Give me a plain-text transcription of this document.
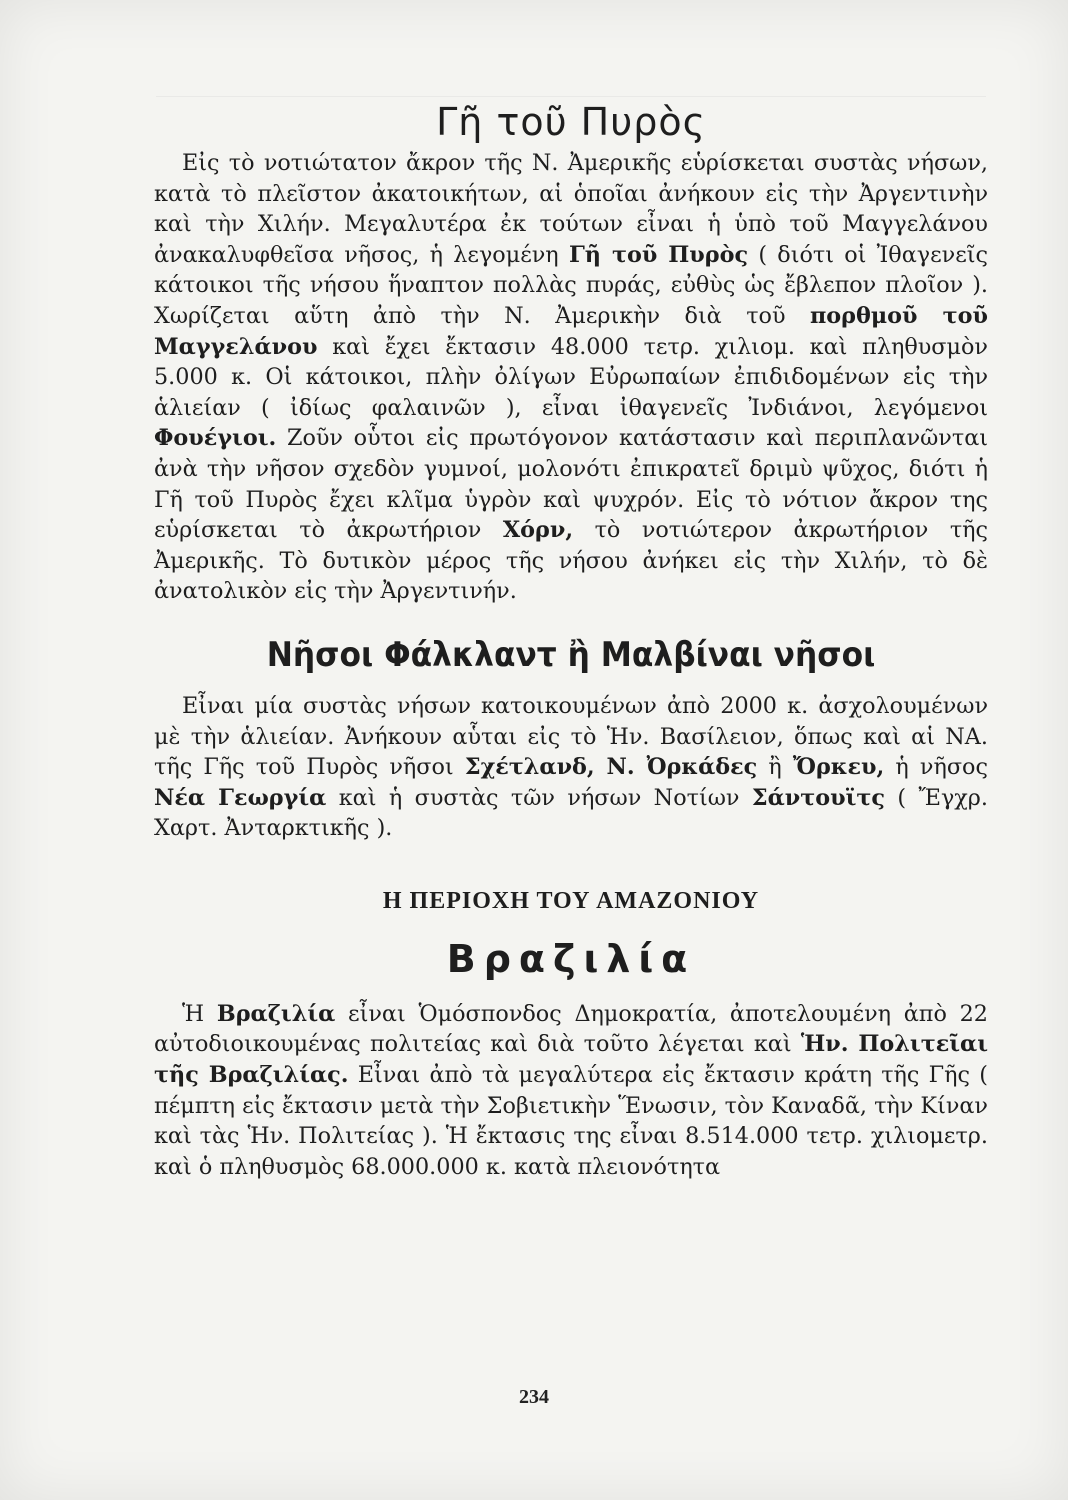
Γῆ τοῦ Πυρὸς

Εἰς τὸ νοτιώτατον ἄκρον τῆς Ν. Ἀμερικῆς εὑρίσκεται συστὰς νήσων, κατὰ τὸ πλεῖστον ἀκατοικήτων, αἱ ὁποῖαι ἀνήκουν εἰς τὴν Ἀργεντινὴν καὶ τὴν Χιλήν. Μεγαλυτέρα ἐκ τούτων εἶναι ἡ ὑπὸ τοῦ Μαγγελάνου ἀνακαλυφθεῖσα νῆσος, ἡ λεγομένη Γῆ τοῦ Πυρὸς ( διότι οἱ Ἰθαγενεῖς κάτοικοι τῆς νήσου ἥναπτον πολλὰς πυράς, εὐθὺς ὡς ἔβλεπον πλοῖον ). Χωρίζεται αὕτη ἀπὸ τὴν Ν. Ἀμερικὴν διὰ τοῦ πορθμοῦ τοῦ Μαγγελάνου καὶ ἔχει ἔκτασιν 48.000 τετρ. χιλιομ. καὶ πληθυσμὸν 5.000 κ. Οἱ κάτοικοι, πλὴν ὀλίγων Εὐρωπαίων ἐπιδιδομένων εἰς τὴν ἁλιείαν ( ἰδίως φαλαινῶν ), εἶναι ἰθαγενεῖς Ἰνδιάνοι, λεγόμενοι Φουέγιοι. Ζοῦν οὗτοι εἰς πρωτόγονον κατάστασιν καὶ περιπλανῶνται ἀνὰ τὴν νῆσον σχεδὸν γυμνοί, μολονότι ἐπικρατεῖ δριμὺ ψῦχος, διότι ἡ Γῆ τοῦ Πυρὸς ἔχει κλῖμα ὑγρὸν καὶ ψυχρόν. Εἰς τὸ νότιον ἄκρον της εὑρίσκεται τὸ ἀκρωτήριον Χόρν, τὸ νοτιώτερον ἀκρωτήριον τῆς Ἀμερικῆς. Τὸ δυτικὸν μέρος τῆς νήσου ἀνήκει εἰς τὴν Χιλήν, τὸ δὲ ἀνατολικὸν εἰς τὴν Ἀργεντινήν.

Νῆσοι Φάλκλαντ ἢ Μαλβίναι νῆσοι

Εἶναι μία συστὰς νήσων κατοικουμένων ἀπὸ 2000 κ. ἀσχολουμένων μὲ τὴν ἁλιείαν. Ἀνήκουν αὗται εἰς τὸ Ἡν. Βασίλειον, ὅπως καὶ αἱ ΝΑ. τῆς Γῆς τοῦ Πυρὸς νῆσοι Σχέτλανδ, Ν. Ὀρκάδες ἢ Ὄρκευ, ἡ νῆσος Νέα Γεωργία καὶ ἡ συστὰς τῶν νήσων Νοτίων Σάντουϊτς ( Ἔγχρ. Χαρτ. Ἀνταρκτικῆς ).

Η ΠΕΡΙΟΧΗ ΤΟΥ ΑΜΑΖΟΝΙΟΥ
Βραζιλία

Ἡ Βραζιλία εἶναι Ὁμόσπονδος Δημοκρατία, ἀποτελουμένη ἀπὸ 22 αὐτοδιοικουμένας πολιτείας καὶ διὰ τοῦτο λέγεται καὶ Ἡν. Πολιτεῖαι τῆς Βραζιλίας. Εἶναι ἀπὸ τὰ μεγαλύτερα εἰς ἔκτασιν κράτη τῆς Γῆς ( πέμπτη εἰς ἔκτασιν μετὰ τὴν Σοβιετικὴν Ἕνωσιν, τὸν Καναδᾶ, τὴν Κίναν καὶ τὰς Ἡν. Πολιτείας ). Ἡ ἔκτασις της εἶναι 8.514.000 τετρ. χιλιομετρ. καὶ ὁ πληθυσμὸς 68.000.000 κ. κατὰ πλειονότητα

234
